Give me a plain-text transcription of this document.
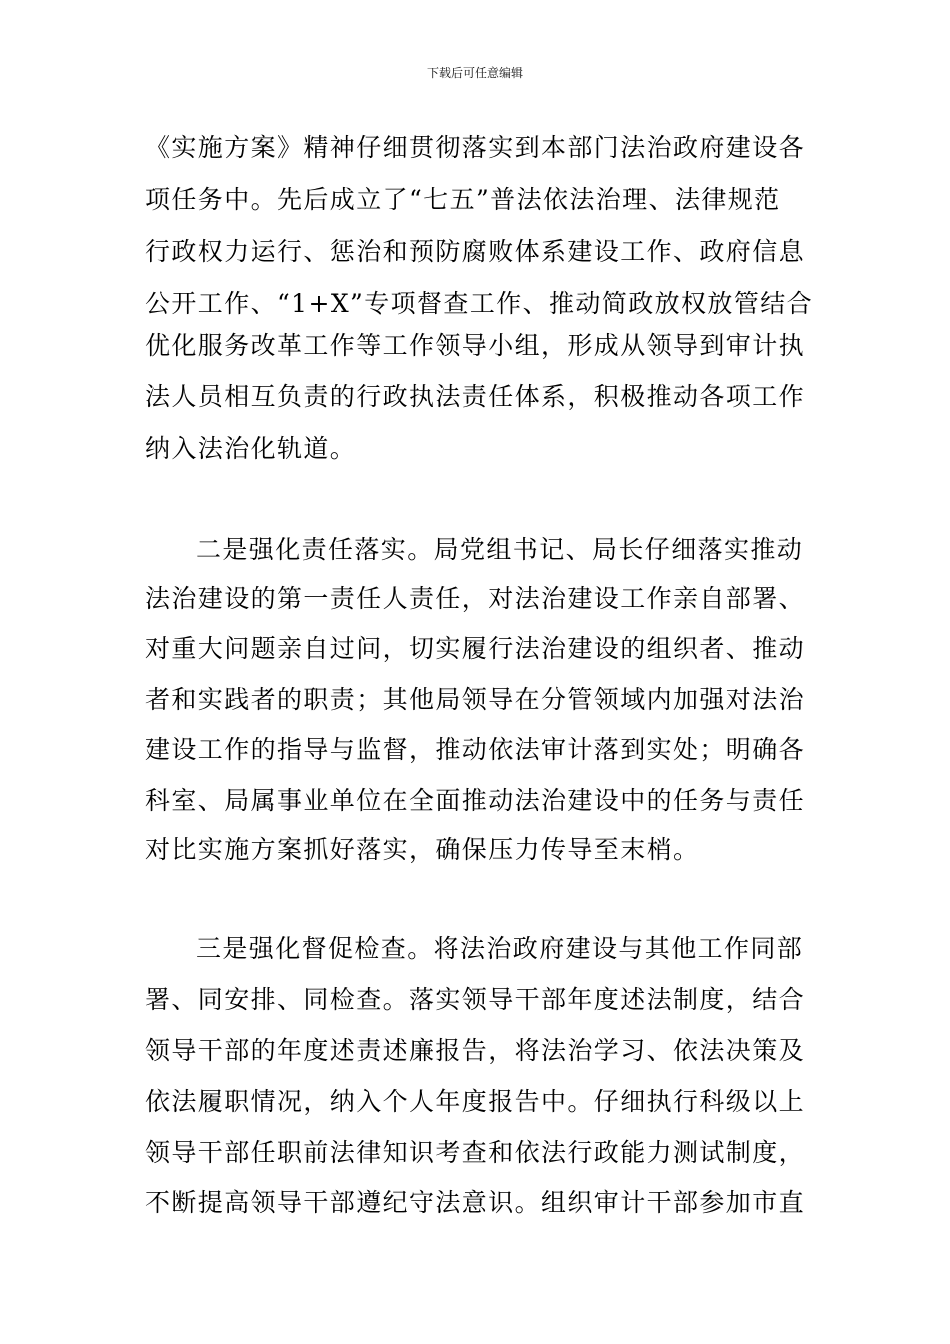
下载后可任意编辑
《实施方案》精神仔细贯彻落实到本部门法治政府建设各
项任务中。先后成立了“七五”普法依法治理、法律规范
行政权力运行、惩治和预防腐败体系建设工作、政府信息
公开工作、“1+X”专项督查工作、推动简政放权放管结合
优化服务改革工作等工作领导小组，形成从领导到审计执
法人员相互负责的行政执法责任体系，积极推动各项工作
纳入法治化轨道。
二是强化责任落实。局党组书记、局长仔细落实推动
法治建设的第一责任人责任，对法治建设工作亲自部署、
对重大问题亲自过问，切实履行法治建设的组织者、推动
者和实践者的职责；其他局领导在分管领域内加强对法治
建设工作的指导与监督，推动依法审计落到实处；明确各
科室、局属事业单位在全面推动法治建设中的任务与责任
对比实施方案抓好落实，确保压力传导至末梢。
三是强化督促检查。将法治政府建设与其他工作同部
署、同安排、同检查。落实领导干部年度述法制度，结合
领导干部的年度述责述廉报告，将法治学习、依法决策及
依法履职情况，纳入个人年度报告中。仔细执行科级以上
领导干部任职前法律知识考查和依法行政能力测试制度，
不断提高领导干部遵纪守法意识。组织审计干部参加市直
